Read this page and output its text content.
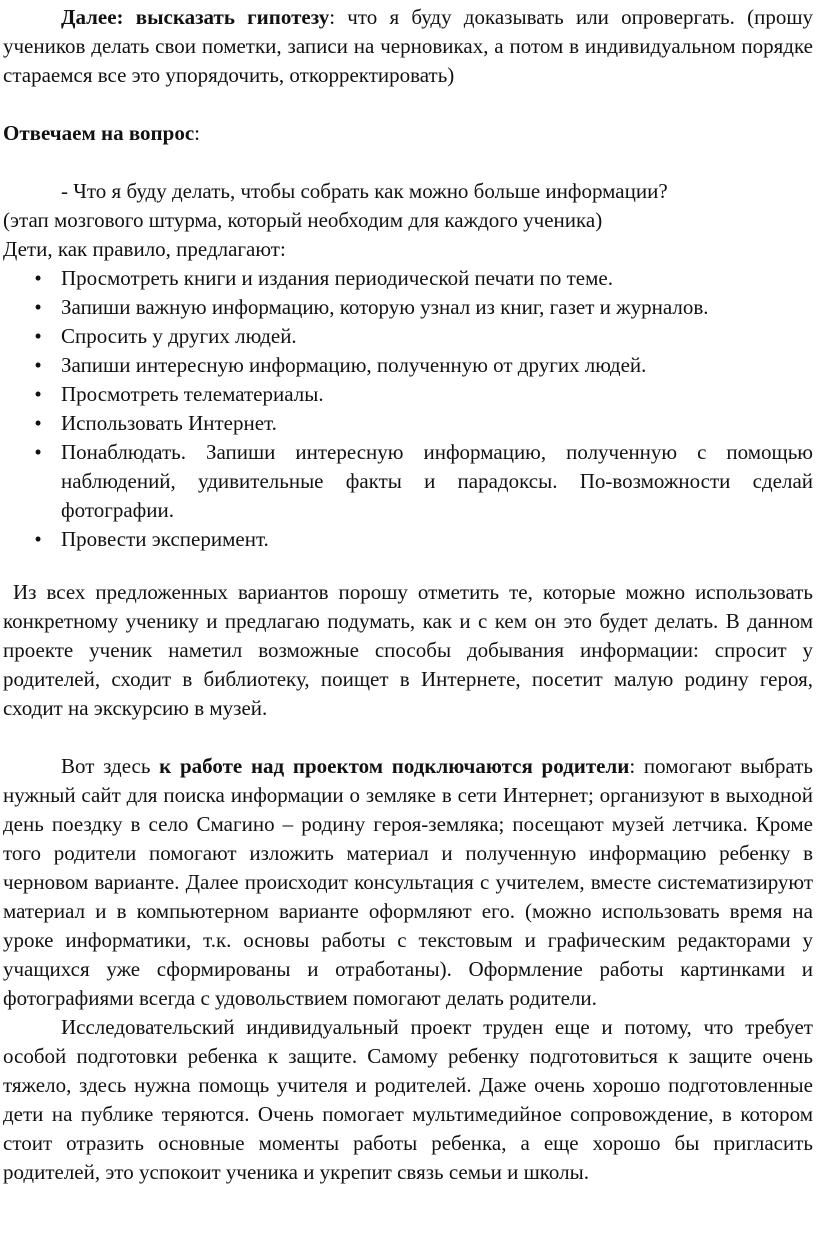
Далее: высказать гипотезу: что я буду доказывать или опровергать. (прошу учеников делать свои пометки, записи на черновиках, а потом в индивидуальном порядке стараемся все это упорядочить, откорректировать)

Отвечаем на вопрос:

- Что я буду делать, чтобы собрать как можно больше информации?

(этап мозгового штурма, который необходим для каждого ученика)

Дети, как правило, предлагают:

• Просмотреть книги и издания периодической печати по теме.
• Запиши важную информацию, которую узнал из книг, газет и журналов.
• Спросить у других людей.
• Запиши интересную информацию, полученную от других людей.
• Просмотреть телематериалы.
• Использовать Интернет.
• Понаблюдать. Запиши интересную информацию, полученную с помощью наблюдений, удивительные факты и парадоксы. По-возможности сделай фотографии.
• Провести эксперимент.

Из всех предложенных вариантов порошу отметить те, которые можно использовать конкретному ученику и предлагаю подумать, как и с кем он это будет делать. В данном проекте ученик наметил возможные способы добывания информации: спросит у родителей, сходит в библиотеку, поищет в Интернете, посетит малую родину героя, сходит на экскурсию в музей.

Вот здесь к работе над проектом подключаются родители: помогают выбрать нужный сайт для поиска информации о земляке в сети Интернет; организуют в выходной день поездку в село Смагино – родину героя-земляка; посещают музей летчика. Кроме того родители помогают изложить материал и полученную информацию ребенку в черновом варианте. Далее происходит консультация с учителем, вместе систематизируют материал и в компьютерном варианте оформляют его. (можно использовать время на уроке информатики, т.к. основы работы с текстовым и графическим редакторами у учащихся уже сформированы и отработаны). Оформление работы картинками и фотографиями всегда с удовольствием помогают делать родители.

Исследовательский индивидуальный проект труден еще и потому, что требует особой подготовки ребенка к защите. Самому ребенку подготовиться к защите очень тяжело, здесь нужна помощь учителя и родителей. Даже очень хорошо подготовленные дети на публике теряются. Очень помогает мультимедийное сопровождение, в котором стоит отразить основные моменты работы ребенка, а еще хорошо бы пригласить родителей, это успокоит ученика и укрепит связь семьи и школы.
